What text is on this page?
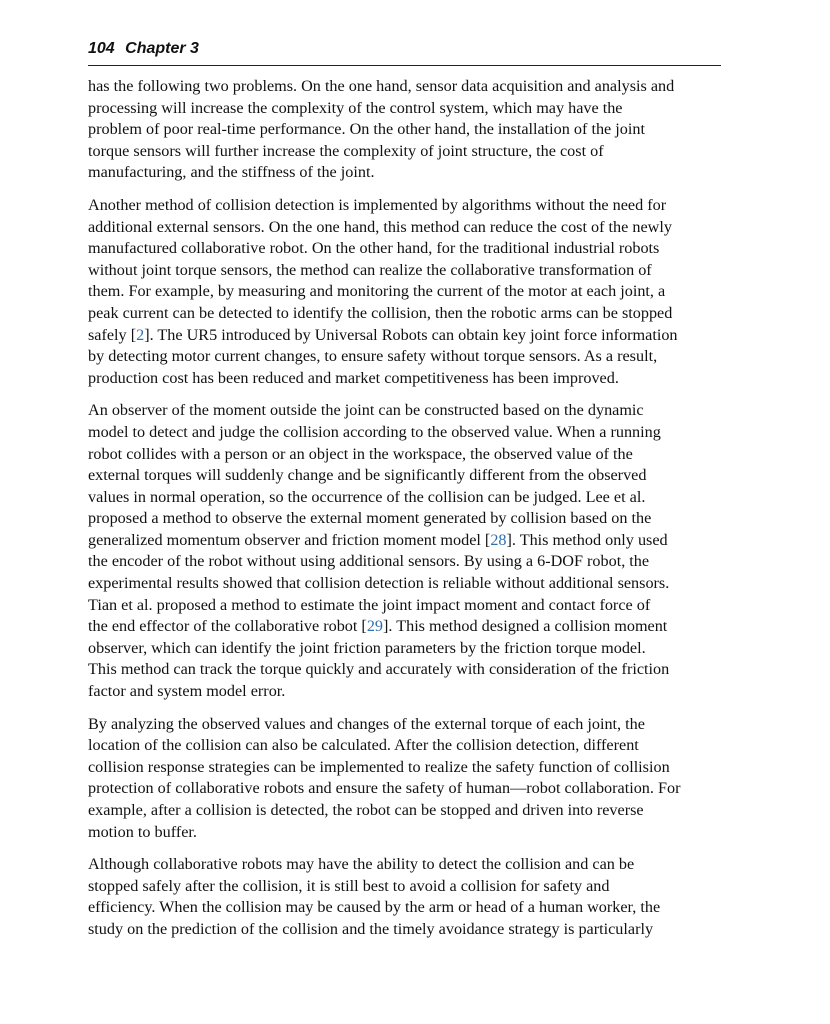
104 Chapter 3

has the following two problems. On the one hand, sensor data acquisition and analysis and
processing will increase the complexity of the control system, which may have the
problem of poor real-time performance. On the other hand, the installation of the joint
torque sensors will further increase the complexity of joint structure, the cost of
manufacturing, and the stiffness of the joint.

Another method of collision detection is implemented by algorithms without the need for
additional external sensors. On the one hand, this method can reduce the cost of the newly
manufactured collaborative robot. On the other hand, for the traditional industrial robots
without joint torque sensors, the method can realize the collaborative transformation of
them. For example, by measuring and monitoring the current of the motor at each joint, a
peak current can be detected to identify the collision, then the robotic arms can be stopped
safely [2]. The UR5 introduced by Universal Robots can obtain key joint force information
by detecting motor current changes, to ensure safety without torque sensors. As a result,
production cost has been reduced and market competitiveness has been improved.

An observer of the moment outside the joint can be constructed based on the dynamic
model to detect and judge the collision according to the observed value. When a running
robot collides with a person or an object in the workspace, the observed value of the
external torques will suddenly change and be significantly different from the observed
values in normal operation, so the occurrence of the collision can be judged. Lee et al.
proposed a method to observe the external moment generated by collision based on the
generalized momentum observer and friction moment model [28]. This method only used
the encoder of the robot without using additional sensors. By using a 6-DOF robot, the
experimental results showed that collision detection is reliable without additional sensors.
Tian et al. proposed a method to estimate the joint impact moment and contact force of
the end effector of the collaborative robot [29]. This method designed a collision moment
observer, which can identify the joint friction parameters by the friction torque model.
This method can track the torque quickly and accurately with consideration of the friction
factor and system model error.

By analyzing the observed values and changes of the external torque of each joint, the
location of the collision can also be calculated. After the collision detection, different
collision response strategies can be implemented to realize the safety function of collision
protection of collaborative robots and ensure the safety of human—robot collaboration. For
example, after a collision is detected, the robot can be stopped and driven into reverse
motion to buffer.

Although collaborative robots may have the ability to detect the collision and can be
stopped safely after the collision, it is still best to avoid a collision for safety and
efficiency. When the collision may be caused by the arm or head of a human worker, the
study on the prediction of the collision and the timely avoidance strategy is particularly
